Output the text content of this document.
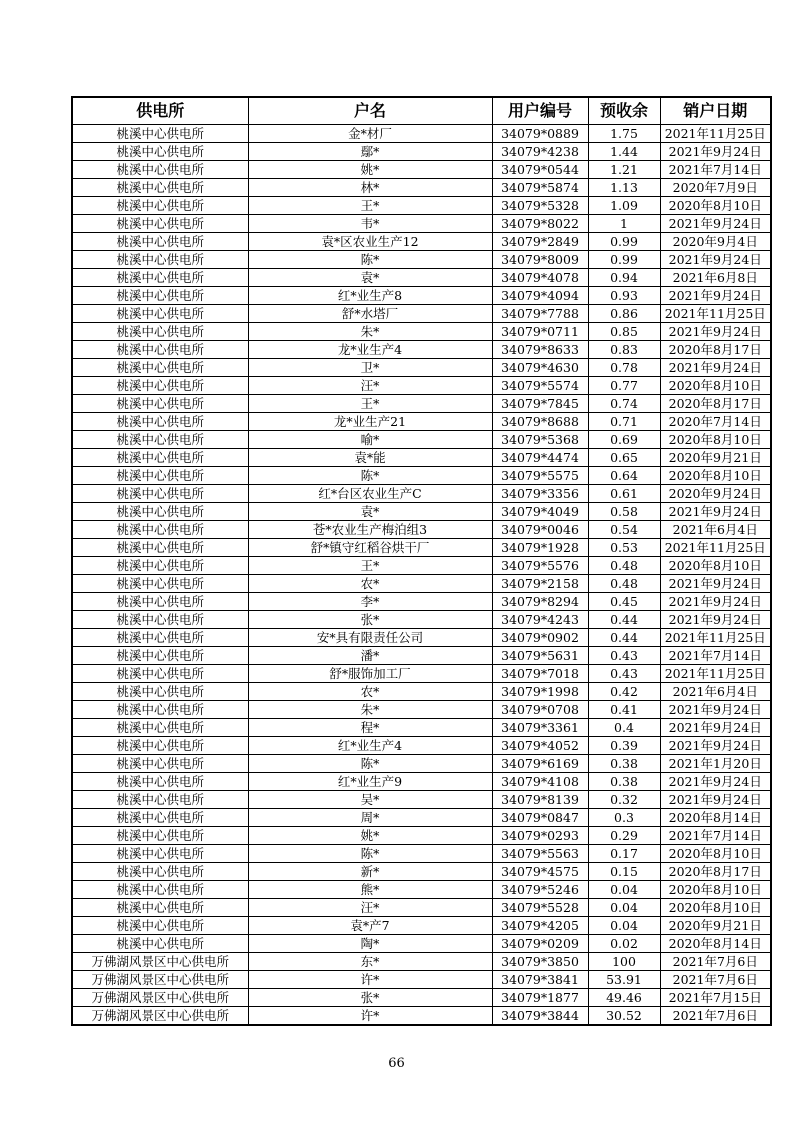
供电所	户名	用户编号	预收余	销户日期
桃溪中心供电所	金*材厂	34079*0889	1.75	2021年11月25日
桃溪中心供电所	鄢*	34079*4238	1.44	2021年9月24日
桃溪中心供电所	姚*	34079*0544	1.21	2021年7月14日
桃溪中心供电所	林*	34079*5874	1.13	2020年7月9日
桃溪中心供电所	王*	34079*5328	1.09	2020年8月10日
桃溪中心供电所	韦*	34079*8022	1	2021年9月24日
桃溪中心供电所	袁*区农业生产12	34079*2849	0.99	2020年9月4日
桃溪中心供电所	陈*	34079*8009	0.99	2021年9月24日
桃溪中心供电所	袁*	34079*4078	0.94	2021年6月8日
桃溪中心供电所	红*业生产8	34079*4094	0.93	2021年9月24日
桃溪中心供电所	舒*水塔厂	34079*7788	0.86	2021年11月25日
桃溪中心供电所	朱*	34079*0711	0.85	2021年9月24日
桃溪中心供电所	龙*业生产4	34079*8633	0.83	2020年8月17日
桃溪中心供电所	卫*	34079*4630	0.78	2021年9月24日
桃溪中心供电所	汪*	34079*5574	0.77	2020年8月10日
桃溪中心供电所	王*	34079*7845	0.74	2020年8月17日
桃溪中心供电所	龙*业生产21	34079*8688	0.71	2020年7月14日
桃溪中心供电所	喻*	34079*5368	0.69	2020年8月10日
桃溪中心供电所	袁*能	34079*4474	0.65	2020年9月21日
桃溪中心供电所	陈*	34079*5575	0.64	2020年8月10日
桃溪中心供电所	红*台区农业生产C	34079*3356	0.61	2020年9月24日
桃溪中心供电所	袁*	34079*4049	0.58	2021年9月24日
桃溪中心供电所	苍*农业生产梅泊组3	34079*0046	0.54	2021年6月4日
桃溪中心供电所	舒*镇守红稻谷烘干厂	34079*1928	0.53	2021年11月25日
桃溪中心供电所	王*	34079*5576	0.48	2020年8月10日
桃溪中心供电所	农*	34079*2158	0.48	2021年9月24日
桃溪中心供电所	李*	34079*8294	0.45	2021年9月24日
桃溪中心供电所	张*	34079*4243	0.44	2021年9月24日
桃溪中心供电所	安*具有限责任公司	34079*0902	0.44	2021年11月25日
桃溪中心供电所	潘*	34079*5631	0.43	2021年7月14日
桃溪中心供电所	舒*服饰加工厂	34079*7018	0.43	2021年11月25日
桃溪中心供电所	农*	34079*1998	0.42	2021年6月4日
桃溪中心供电所	朱*	34079*0708	0.41	2021年9月24日
桃溪中心供电所	程*	34079*3361	0.4	2021年9月24日
桃溪中心供电所	红*业生产4	34079*4052	0.39	2021年9月24日
桃溪中心供电所	陈*	34079*6169	0.38	2021年1月20日
桃溪中心供电所	红*业生产9	34079*4108	0.38	2021年9月24日
桃溪中心供电所	吴*	34079*8139	0.32	2021年9月24日
桃溪中心供电所	周*	34079*0847	0.3	2020年8月14日
桃溪中心供电所	姚*	34079*0293	0.29	2021年7月14日
桃溪中心供电所	陈*	34079*5563	0.17	2020年8月10日
桃溪中心供电所	新*	34079*4575	0.15	2020年8月17日
桃溪中心供电所	熊*	34079*5246	0.04	2020年8月10日
桃溪中心供电所	汪*	34079*5528	0.04	2020年8月10日
桃溪中心供电所	袁*产7	34079*4205	0.04	2020年9月21日
桃溪中心供电所	陶*	34079*0209	0.02	2020年8月14日
万佛湖风景区中心供电所	东*	34079*3850	100	2021年7月6日
万佛湖风景区中心供电所	许*	34079*3841	53.91	2021年7月6日
万佛湖风景区中心供电所	张*	34079*1877	49.46	2021年7月15日
万佛湖风景区中心供电所	许*	34079*3844	30.52	2021年7月6日
66
